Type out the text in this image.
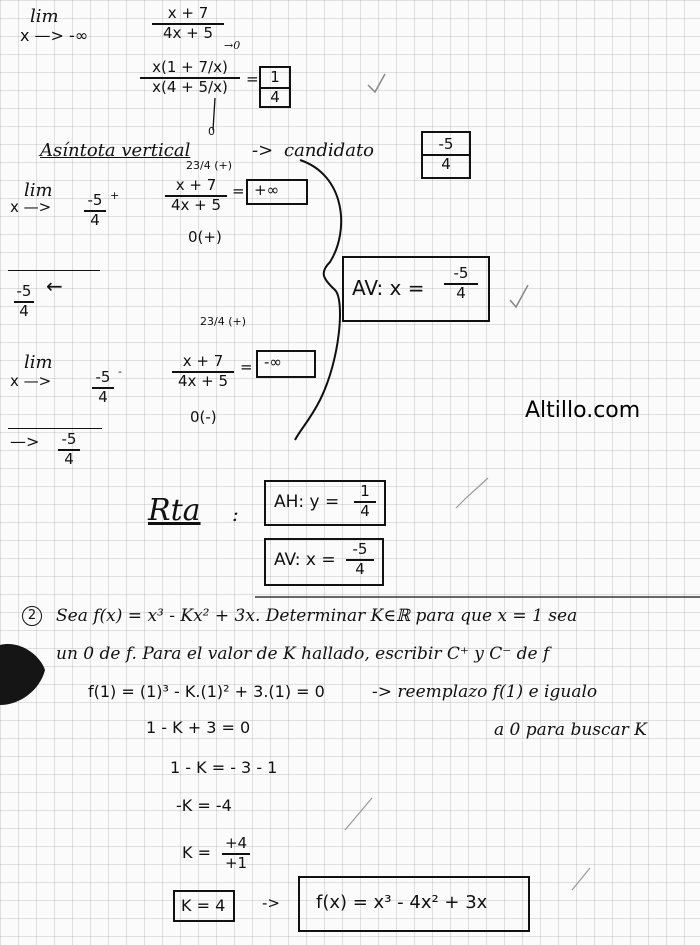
lim
x —> -∞
x + 7
4x + 5
x(1 + 7/x)
x(4 + 5/x)
→0
0
= 1
4
Asíntota vertical	-> candidato	-5
4
lim
x —> -5
4
+
23/4 (+)
x + 7
4x + 5
0(+)
= +∞
-5
4
←	AV: x =
-5
4
23/4 (+)
lim
x —>	-5
4
-
x + 7
4x + 5
0(-)
= -∞
Altillo.com
—> -5
4
Rta : AH: y =
1
4
AV: x =
-5
4
2	Sea f(x) = x³ - Kx² + 3x. Determinar K∈ℝ para que x = 1 sea
un 0 de f. Para el valor de K hallado, escribir C⁺ y C⁻ de f
f(1) = (1)³ - K.(1)² + 3.(1) = 0	-> reemplazo f(1) e igualo
a 0 para buscar K
1 - K + 3 = 0
1 - K = - 3 - 1
-K = -4
K = +4
+1
K = 4 -> f(x) = x³ - 4x² + 3x
